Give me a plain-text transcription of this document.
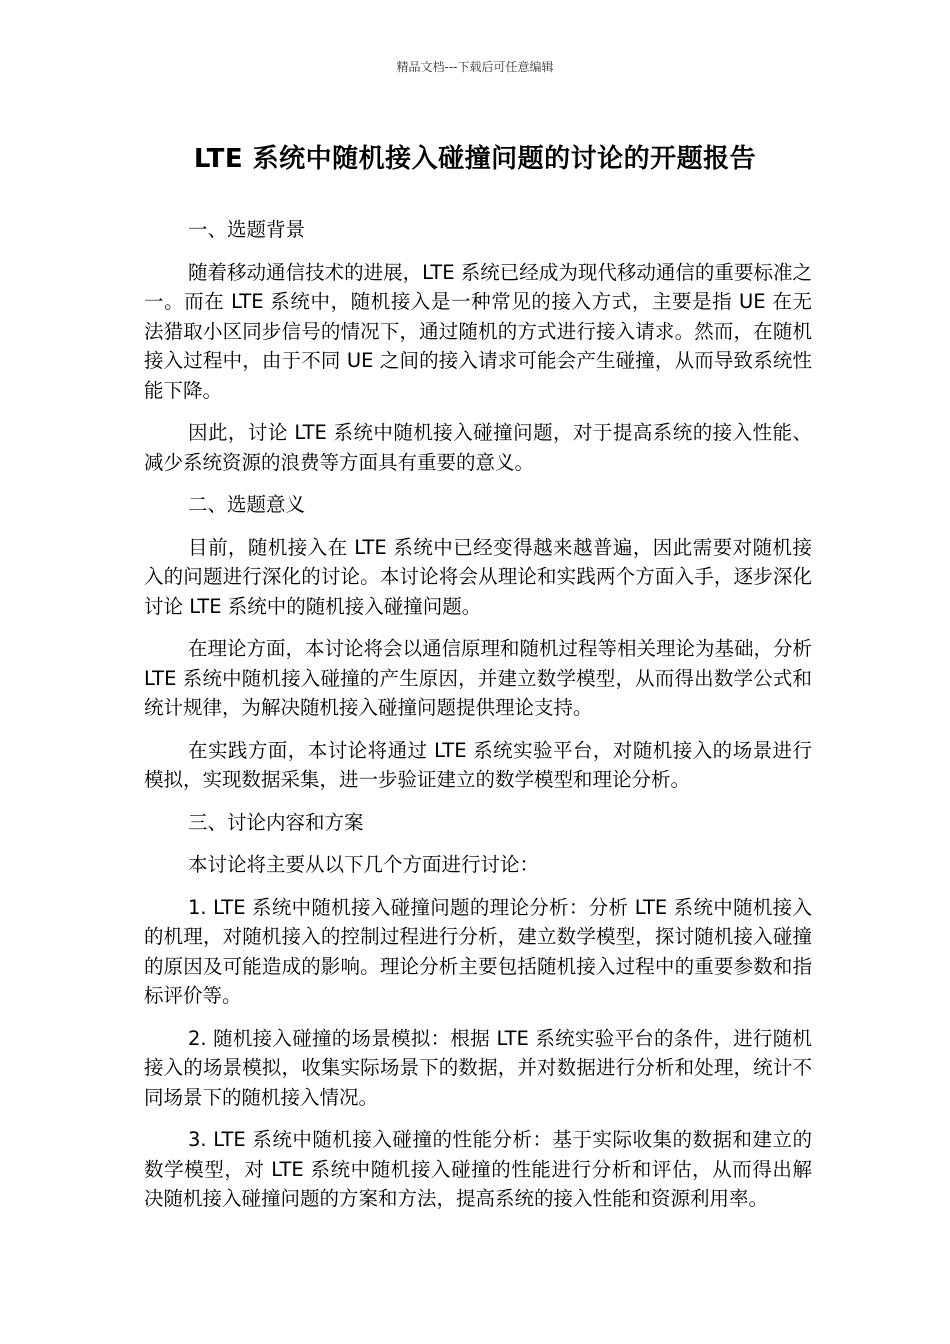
精品文档---下载后可任意编辑
LTE 系统中随机接入碰撞问题的讨论的开题报告

一、选题背景

随着移动通信技术的进展，LTE 系统已经成为现代移动通信的重要标准之一。而在 LTE 系统中，随机接入是一种常见的接入方式，主要是指 UE 在无法猎取小区同步信号的情况下，通过随机的方式进行接入请求。然而，在随机接入过程中，由于不同 UE 之间的接入请求可能会产生碰撞，从而导致系统性能下降。

因此，讨论 LTE 系统中随机接入碰撞问题，对于提高系统的接入性能、减少系统资源的浪费等方面具有重要的意义。

二、选题意义

目前，随机接入在 LTE 系统中已经变得越来越普遍，因此需要对随机接入的问题进行深化的讨论。本讨论将会从理论和实践两个方面入手，逐步深化讨论 LTE 系统中的随机接入碰撞问题。

在理论方面，本讨论将会以通信原理和随机过程等相关理论为基础，分析 LTE 系统中随机接入碰撞的产生原因，并建立数学模型，从而得出数学公式和统计规律，为解决随机接入碰撞问题提供理论支持。

在实践方面，本讨论将通过 LTE 系统实验平台，对随机接入的场景进行模拟，实现数据采集，进一步验证建立的数学模型和理论分析。

三、讨论内容和方案

本讨论将主要从以下几个方面进行讨论：

1. LTE 系统中随机接入碰撞问题的理论分析：分析 LTE 系统中随机接入的机理，对随机接入的控制过程进行分析，建立数学模型，探讨随机接入碰撞的原因及可能造成的影响。理论分析主要包括随机接入过程中的重要参数和指标评价等。

2. 随机接入碰撞的场景模拟：根据 LTE 系统实验平台的条件，进行随机接入的场景模拟，收集实际场景下的数据，并对数据进行分析和处理，统计不同场景下的随机接入情况。

3. LTE 系统中随机接入碰撞的性能分析：基于实际收集的数据和建立的数学模型，对 LTE 系统中随机接入碰撞的性能进行分析和评估，从而得出解决随机接入碰撞问题的方案和方法，提高系统的接入性能和资源利用率。
